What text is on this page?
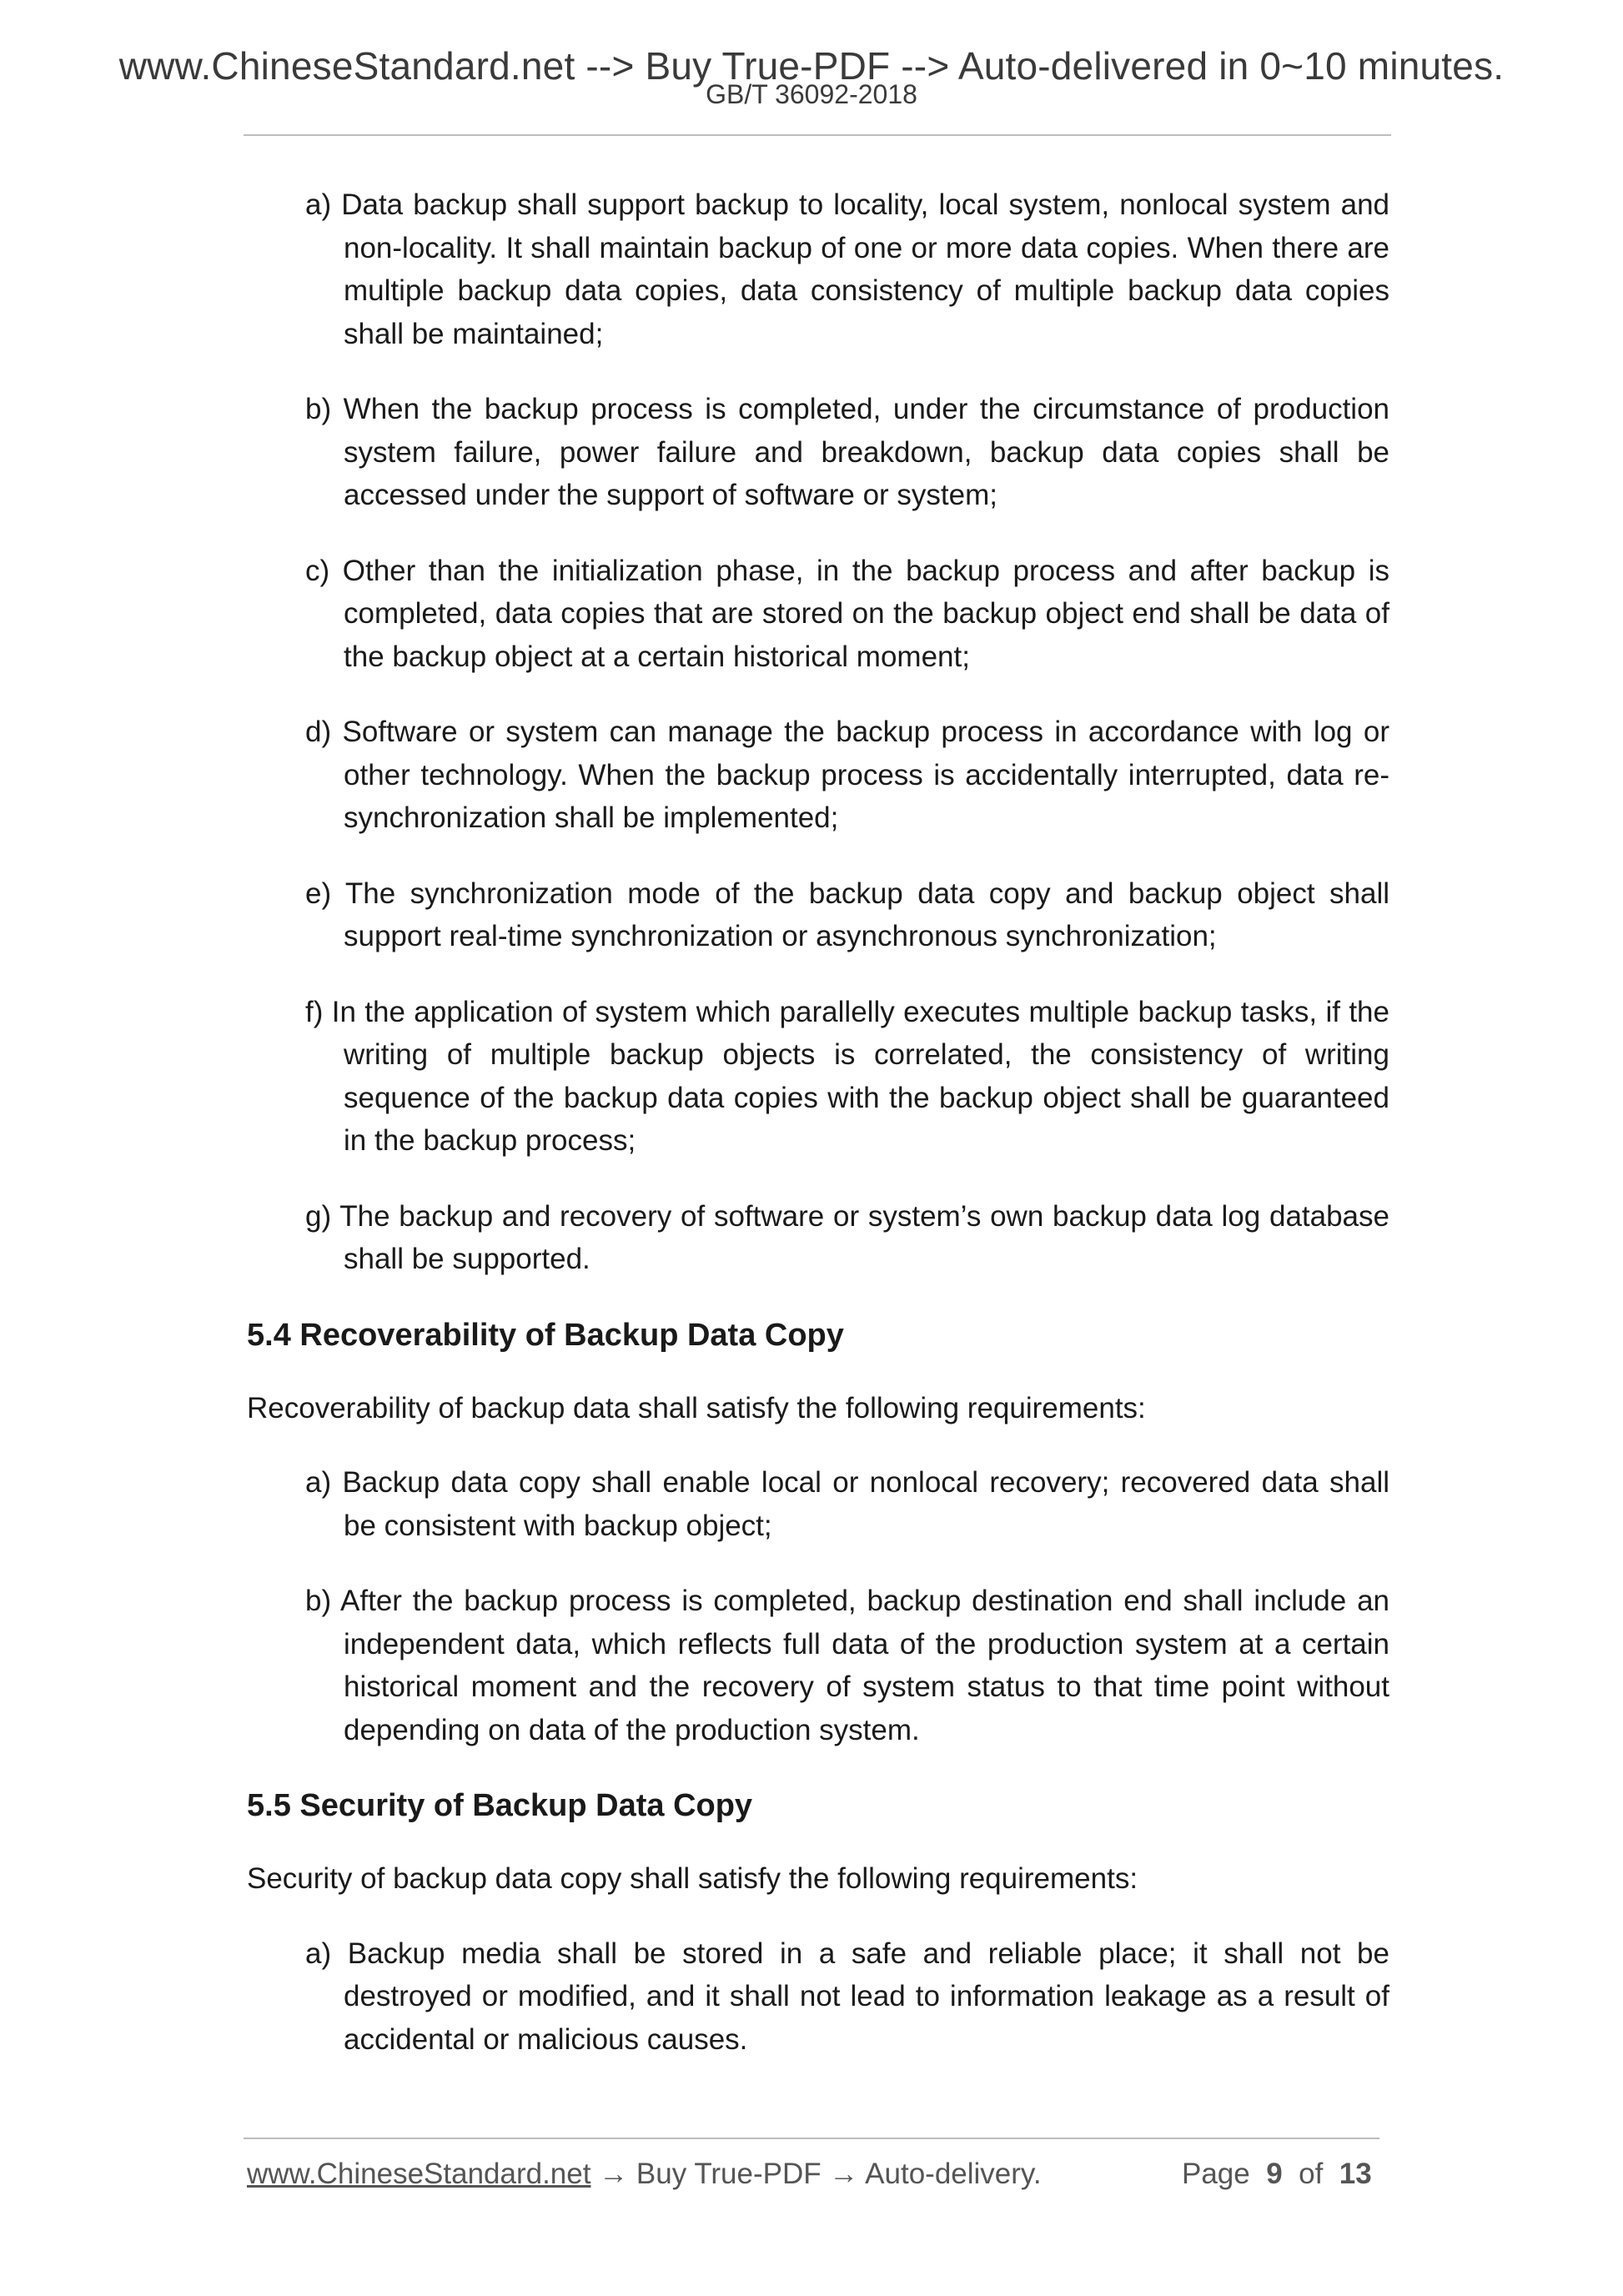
www.ChineseStandard.net --> Buy True-PDF --> Auto-delivered in 0~10 minutes.
GB/T 36092-2018
a) Data backup shall support backup to locality, local system, nonlocal system and non-locality. It shall maintain backup of one or more data copies. When there are multiple backup data copies, data consistency of multiple backup data copies shall be maintained;
b) When the backup process is completed, under the circumstance of production system failure, power failure and breakdown, backup data copies shall be accessed under the support of software or system;
c) Other than the initialization phase, in the backup process and after backup is completed, data copies that are stored on the backup object end shall be data of the backup object at a certain historical moment;
d) Software or system can manage the backup process in accordance with log or other technology. When the backup process is accidentally interrupted, data re-synchronization shall be implemented;
e) The synchronization mode of the backup data copy and backup object shall support real-time synchronization or asynchronous synchronization;
f) In the application of system which parallelly executes multiple backup tasks, if the writing of multiple backup objects is correlated, the consistency of writing sequence of the backup data copies with the backup object shall be guaranteed in the backup process;
g) The backup and recovery of software or system’s own backup data log database shall be supported.
5.4 Recoverability of Backup Data Copy
Recoverability of backup data shall satisfy the following requirements:
a) Backup data copy shall enable local or nonlocal recovery; recovered data shall be consistent with backup object;
b) After the backup process is completed, backup destination end shall include an independent data, which reflects full data of the production system at a certain historical moment and the recovery of system status to that time point without depending on data of the production system.
5.5 Security of Backup Data Copy
Security of backup data copy shall satisfy the following requirements:
a) Backup media shall be stored in a safe and reliable place; it shall not be destroyed or modified, and it shall not lead to information leakage as a result of accidental or malicious causes.
www.ChineseStandard.net → Buy True-PDF → Auto-delivery.	Page 9 of 13
